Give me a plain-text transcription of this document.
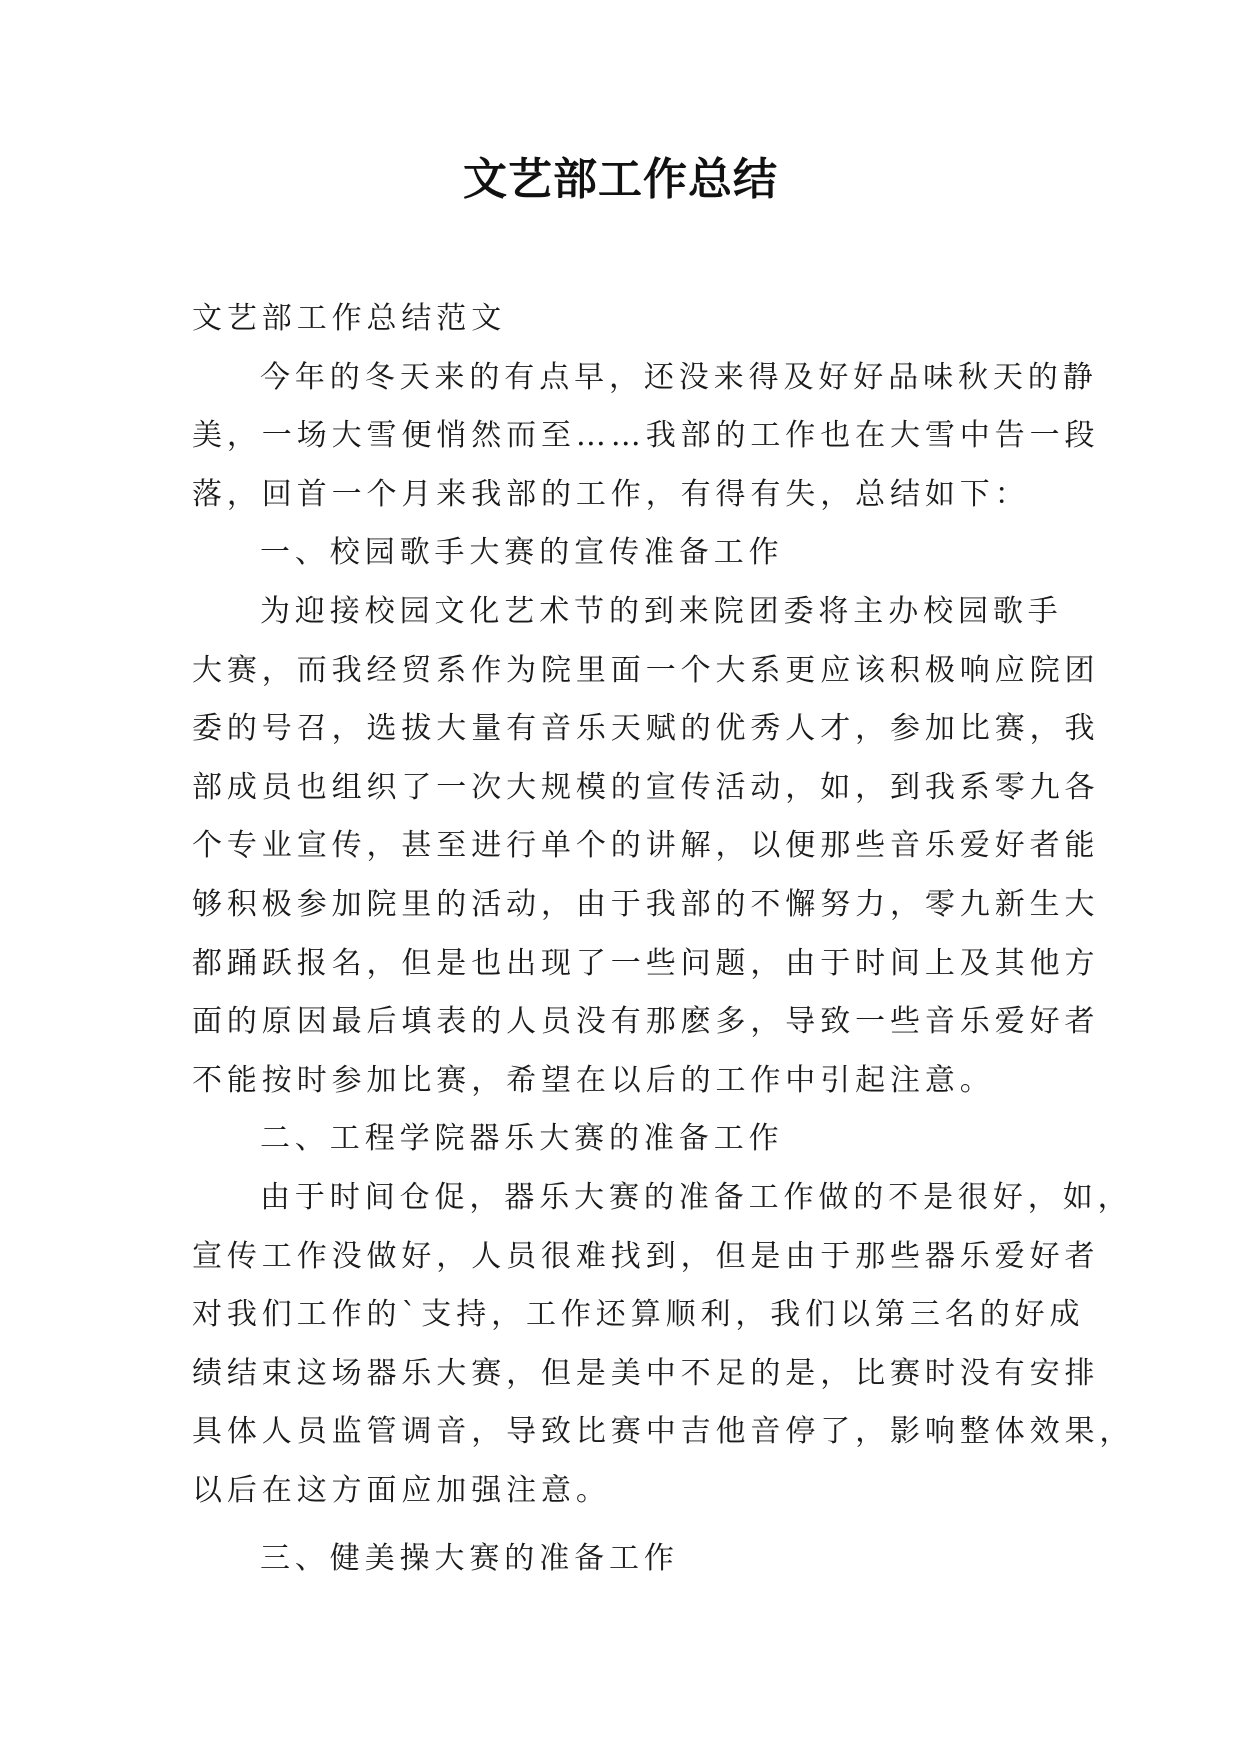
文艺部工作总结
文艺部工作总结范文
今年的冬天来的有点早，还没来得及好好品味秋天的静
美，一场大雪便悄然而至……我部的工作也在大雪中告一段
落，回首一个月来我部的工作，有得有失，总结如下：
一、校园歌手大赛的宣传准备工作
为迎接校园文化艺术节的到来院团委将主办校园歌手
大赛，而我经贸系作为院里面一个大系更应该积极响应院团
委的号召，选拔大量有音乐天赋的优秀人才，参加比赛，我
部成员也组织了一次大规模的宣传活动，如，到我系零九各
个专业宣传，甚至进行单个的讲解，以便那些音乐爱好者能
够积极参加院里的活动，由于我部的不懈努力，零九新生大
都踊跃报名，但是也出现了一些问题，由于时间上及其他方
面的原因最后填表的人员没有那麽多，导致一些音乐爱好者
不能按时参加比赛，希望在以后的工作中引起注意。
二、工程学院器乐大赛的准备工作
由于时间仓促，器乐大赛的准备工作做的不是很好，如，
宣传工作没做好，人员很难找到，但是由于那些器乐爱好者
对我们工作的`支持，工作还算顺利，我们以第三名的好成
绩结束这场器乐大赛，但是美中不足的是，比赛时没有安排
具体人员监管调音，导致比赛中吉他音停了，影响整体效果，
以后在这方面应加强注意。
三、健美操大赛的准备工作
